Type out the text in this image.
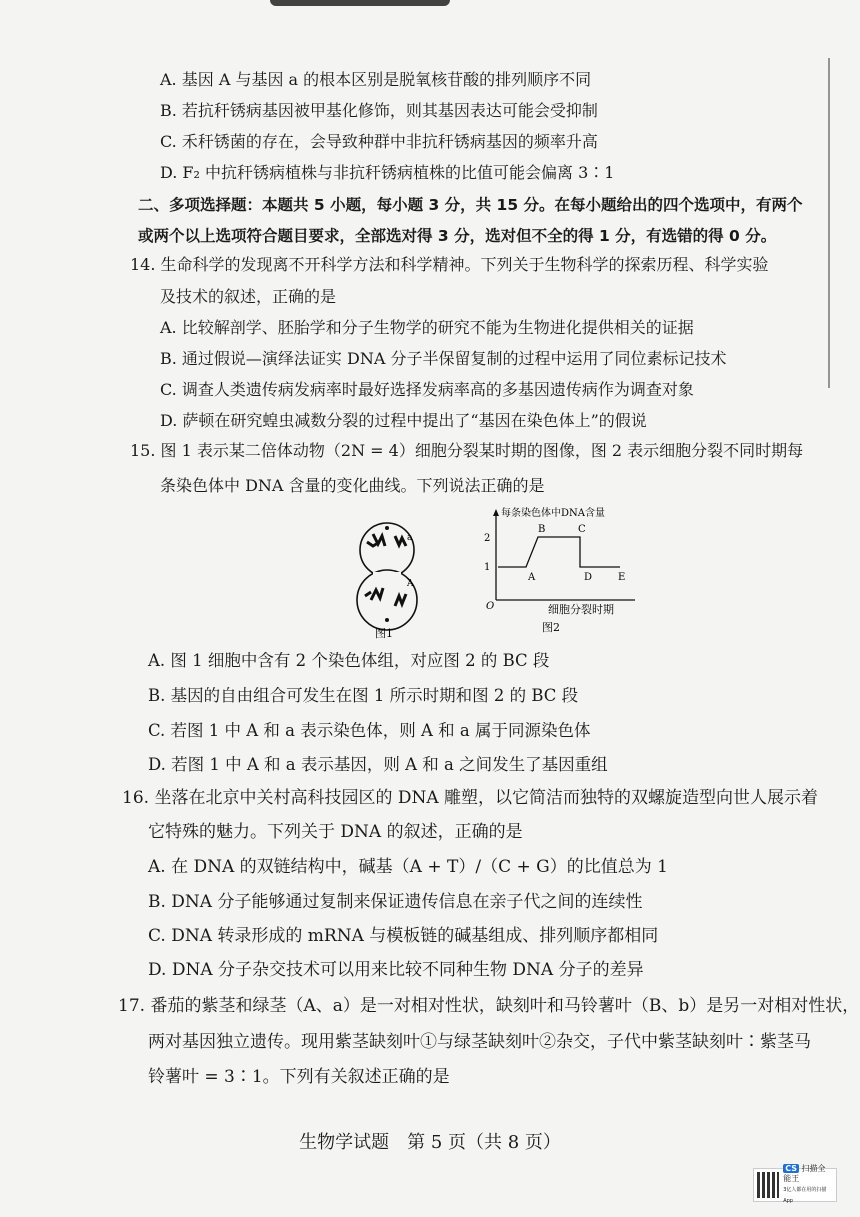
A. 基因 A 与基因 a 的根本区别是脱氧核苷酸的排列顺序不同
B. 若抗秆锈病基因被甲基化修饰，则其基因表达可能会受抑制
C. 禾秆锈菌的存在，会导致种群中非抗秆锈病基因的频率升高
D. F₂ 中抗秆锈病植株与非抗秆锈病植株的比值可能会偏离 3∶1
二、多项选择题：本题共 5 小题，每小题 3 分，共 15 分。在每小题给出的四个选项中，有两个
或两个以上选项符合题目要求，全部选对得 3 分，选对但不全的得 1 分，有选错的得 0 分。
14. 生命科学的发现离不开科学方法和科学精神。下列关于生物科学的探索历程、科学实验
及技术的叙述，正确的是
A. 比较解剖学、胚胎学和分子生物学的研究不能为生物进化提供相关的证据
B. 通过假说—演绎法证实 DNA 分子半保留复制的过程中运用了同位素标记技术
C. 调查人类遗传病发病率时最好选择发病率高的多基因遗传病作为调查对象
D. 萨顿在研究蝗虫减数分裂的过程中提出了“基因在染色体上”的假说
15. 图 1 表示某二倍体动物（2N = 4）细胞分裂某时期的图像，图 2 表示细胞分裂不同时期每
条染色体中 DNA 含量的变化曲线。下列说法正确的是
a
A
图1
每条染色体中DNA含量
2
1
O
A
B	C
D	E
细胞分裂时期
图2
A. 图 1 细胞中含有 2 个染色体组，对应图 2 的 BC 段
B. 基因的自由组合可发生在图 1 所示时期和图 2 的 BC 段
C. 若图 1 中 A 和 a 表示染色体，则 A 和 a 属于同源染色体
D. 若图 1 中 A 和 a 表示基因，则 A 和 a 之间发生了基因重组
16. 坐落在北京中关村高科技园区的 DNA 雕塑，以它简洁而独特的双螺旋造型向世人展示着
它特殊的魅力。下列关于 DNA 的叙述，正确的是
A. 在 DNA 的双链结构中，碱基（A + T）/（C + G）的比值总为 1
B. DNA 分子能够通过复制来保证遗传信息在亲子代之间的连续性
C. DNA 转录形成的 mRNA 与模板链的碱基组成、排列顺序都相同
D. DNA 分子杂交技术可以用来比较不同种生物 DNA 分子的差异
17. 番茄的紫茎和绿茎（A、a）是一对相对性状，缺刻叶和马铃薯叶（B、b）是另一对相对性状，
两对基因独立遗传。现用紫茎缺刻叶①与绿茎缺刻叶②杂交，子代中紫茎缺刻叶∶紫茎马
铃薯叶 = 3∶1。下列有关叙述正确的是
生物学试题　第 5 页（共 8 页）
CS 扫描全能王
3亿人都在用的扫描App
